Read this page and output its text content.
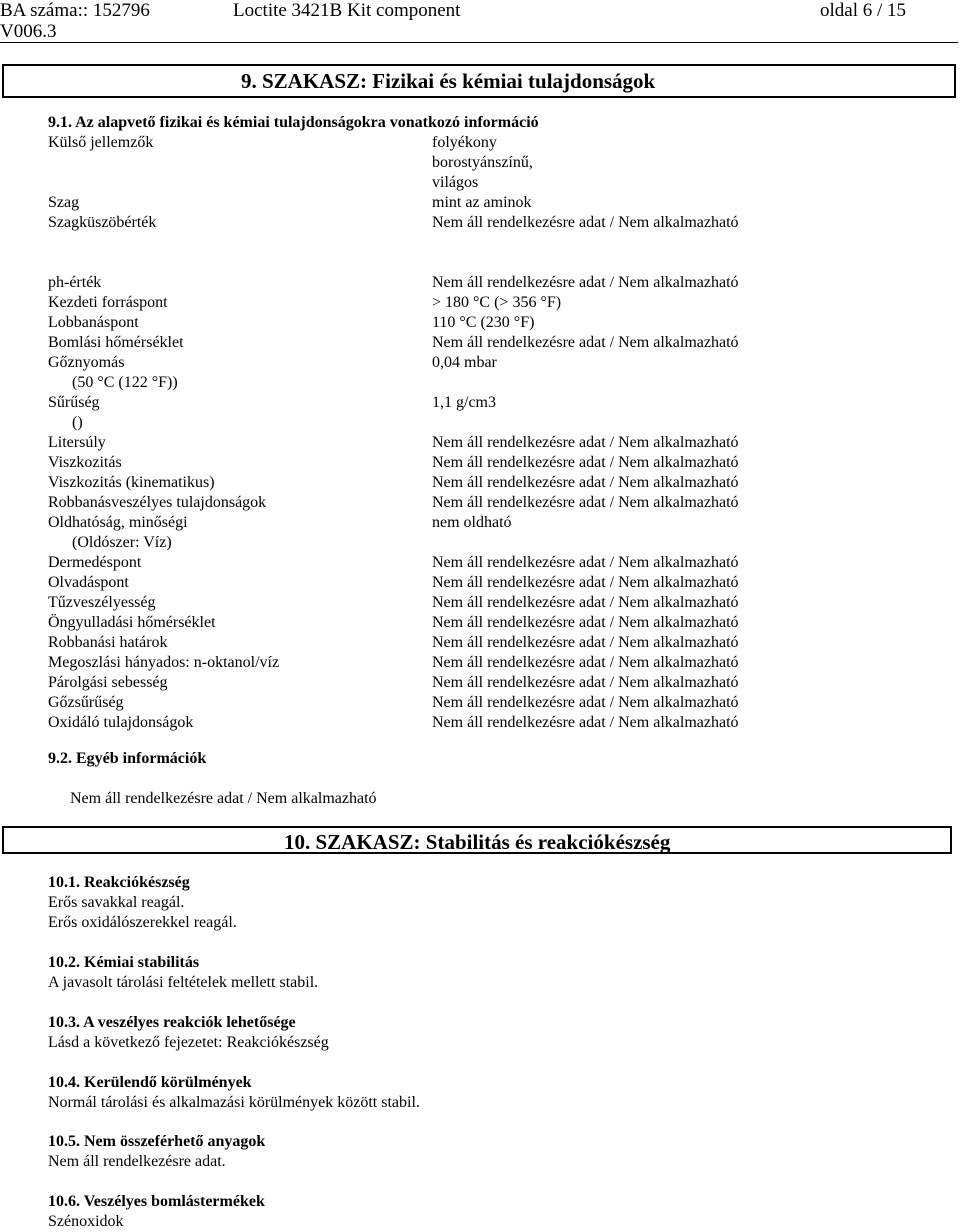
BA száma:: 152796
V006.3
Loctite 3421B Kit component	oldal 6 / 15
9. SZAKASZ: Fizikai és kémiai tulajdonságok
9.1. Az alapvető fizikai és kémiai tulajdonságokra vonatkozó információ
Külső jellemzők	folyékony
borostyánszínű,
világos
Szag	mint az aminok
Szagküszöbérték	Nem áll rendelkezésre adat / Nem alkalmazható
ph-érték	Nem áll rendelkezésre adat / Nem alkalmazható
Kezdeti forráspont	> 180 °C (> 356 °F)
Lobbanáspont	110 °C (230 °F)
Bomlási hőmérséklet	Nem áll rendelkezésre adat / Nem alkalmazható
Gőznyomás	0,04 mbar
(50 °C (122 °F))
Sűrűség	1,1 g/cm3
()
Litersúly	Nem áll rendelkezésre adat / Nem alkalmazható
Viszkozitás	Nem áll rendelkezésre adat / Nem alkalmazható
Viszkozitás (kinematikus)	Nem áll rendelkezésre adat / Nem alkalmazható
Robbanásveszélyes tulajdonságok	Nem áll rendelkezésre adat / Nem alkalmazható
Oldhatóság, minőségi	nem oldható
(Oldószer: Víz)
Dermedéspont	Nem áll rendelkezésre adat / Nem alkalmazható
Olvadáspont	Nem áll rendelkezésre adat / Nem alkalmazható
Tűzveszélyesség	Nem áll rendelkezésre adat / Nem alkalmazható
Öngyulladási hőmérséklet	Nem áll rendelkezésre adat / Nem alkalmazható
Robbanási határok	Nem áll rendelkezésre adat / Nem alkalmazható
Megoszlási hányados: n-oktanol/víz	Nem áll rendelkezésre adat / Nem alkalmazható
Párolgási sebesség	Nem áll rendelkezésre adat / Nem alkalmazható
Gőzsűrűség	Nem áll rendelkezésre adat / Nem alkalmazható
Oxidáló tulajdonságok	Nem áll rendelkezésre adat / Nem alkalmazható
9.2. Egyéb információk
Nem áll rendelkezésre adat / Nem alkalmazható
10. SZAKASZ: Stabilitás és reakciókészség
10.1. Reakciókészség
Erős savakkal reagál.
Erős oxidálószerekkel reagál.
10.2. Kémiai stabilitás
A javasolt tárolási feltételek mellett stabil.
10.3. A veszélyes reakciók lehetősége
Lásd a következő fejezetet: Reakciókészség
10.4. Kerülendő körülmények
Normál tárolási és alkalmazási körülmények között stabil.
10.5. Nem összeférhető anyagok
Nem áll rendelkezésre adat.
10.6. Veszélyes bomlástermékek
Szénoxidok
